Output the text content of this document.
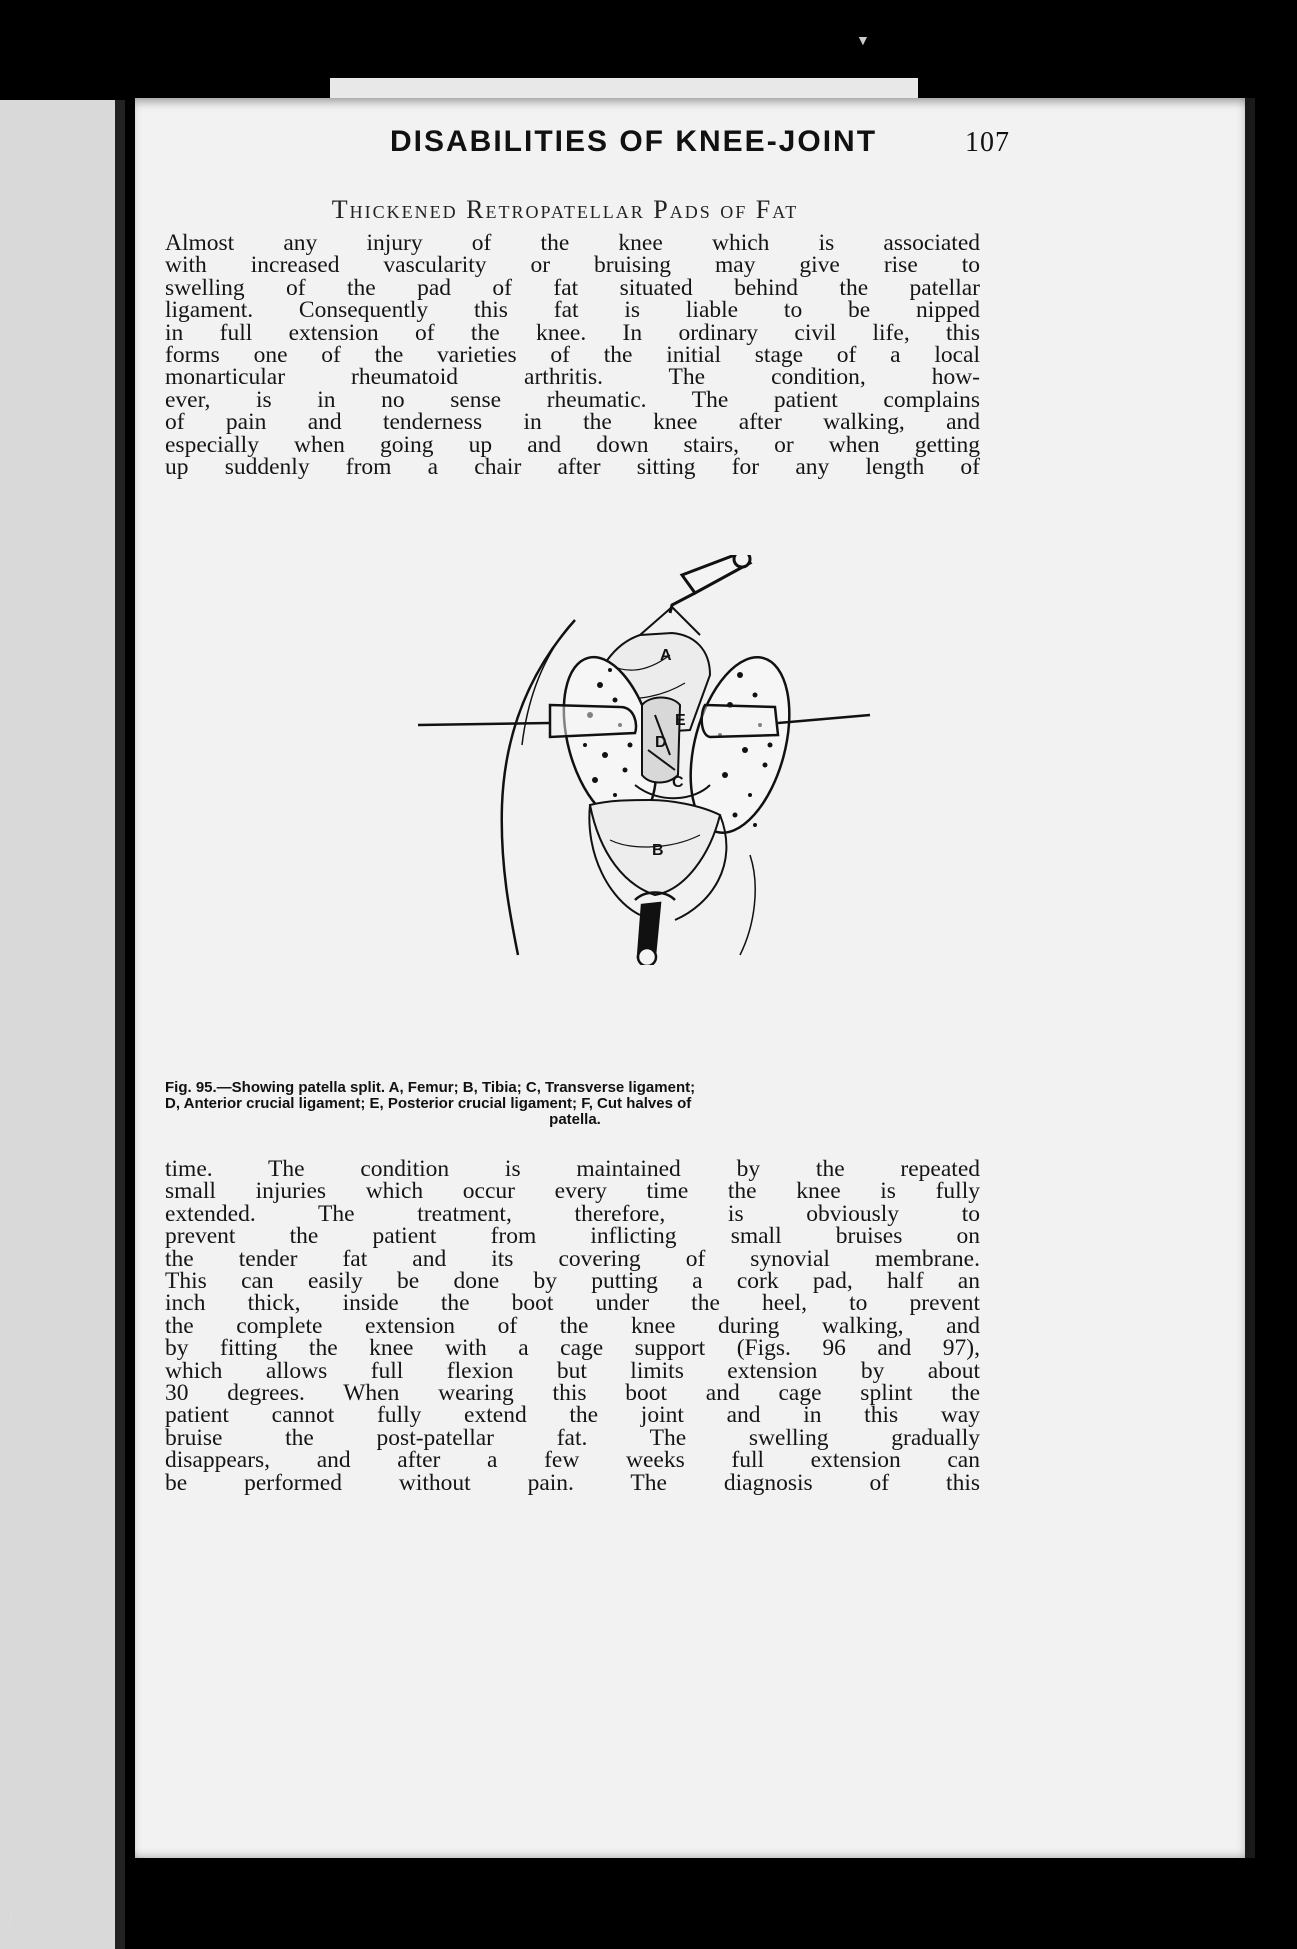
▼
DISABILITIES OF KNEE-JOINT	107
Thickened Retropatellar Pads of Fat
Almost any injury of the knee which is associated
with increased vascularity or bruising may give rise to
swelling of the pad of fat situated behind the patellar
ligament. Consequently this fat is liable to be nipped
in full extension of the knee. In ordinary civil life, this
forms one of the varieties of the initial stage of a local
monarticular rheumatoid arthritis. The condition, how-
ever, is in no sense rheumatic. The patient complains
of pain and tenderness in the knee after walking, and
especially when going up and down stairs, or when getting
up suddenly from a chair after sitting for any length of
A
B
C
D
E
Fig. 95.—Showing patella split. A, Femur; B, Tibia; C, Transverse ligament;
D, Anterior crucial ligament; E, Posterior crucial ligament; F, Cut halves of
patella.
time. The condition is maintained by the repeated
small injuries which occur every time the knee is fully
extended. The treatment, therefore, is obviously to
prevent the patient from inflicting small bruises on
the tender fat and its covering of synovial membrane.
This can easily be done by putting a cork pad, half an
inch thick, inside the boot under the heel, to prevent
the complete extension of the knee during walking, and
by fitting the knee with a cage support (Figs. 96 and 97),
which allows full flexion but limits extension by about
30 degrees. When wearing this boot and cage splint the
patient cannot fully extend the joint and in this way
bruise the post-patellar fat. The swelling gradually
disappears, and after a few weeks full extension can
be performed without pain. The diagnosis of this
/
